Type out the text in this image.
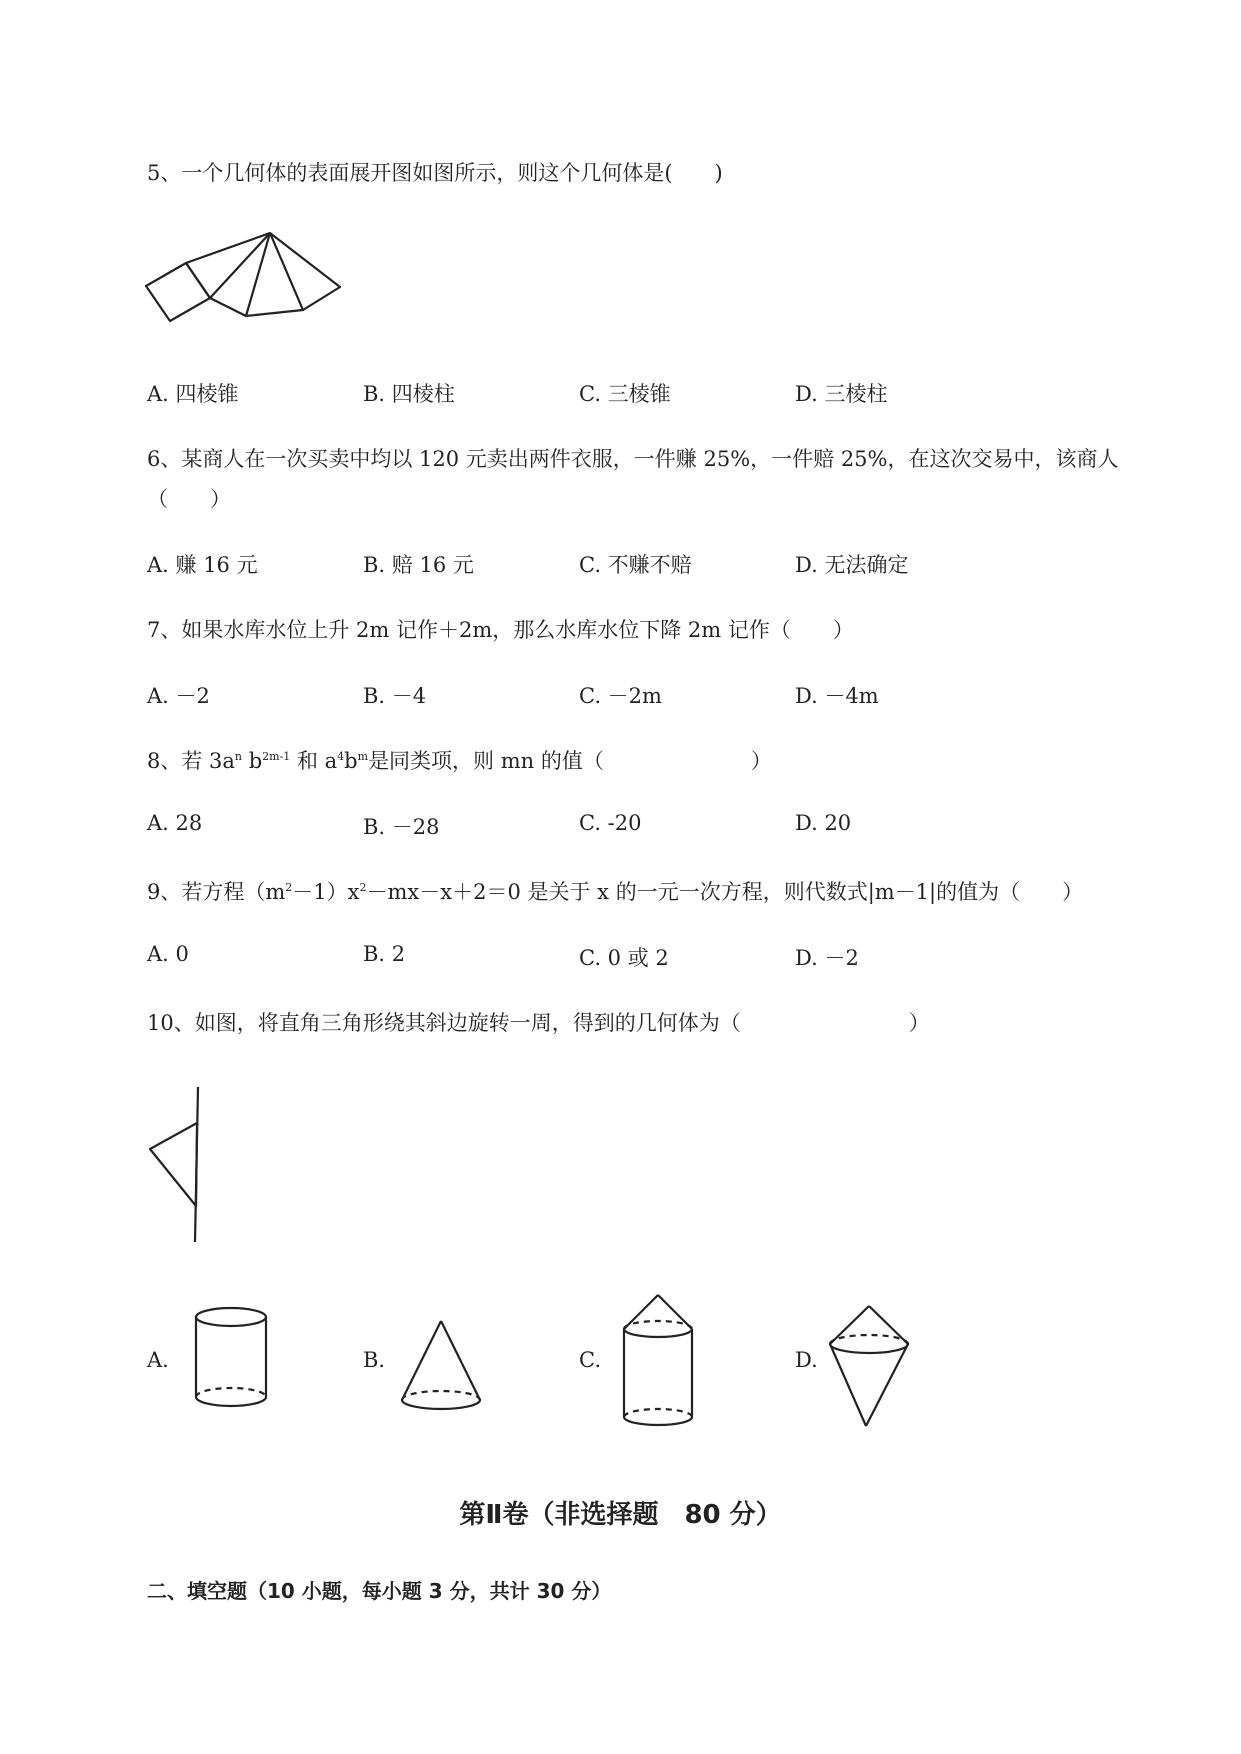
5、一个几何体的表面展开图如图所示，则这个几何体是(　　)
A. 四棱锥	B. 四棱柱	C. 三棱锥	D. 三棱柱
6、某商人在一次买卖中均以 120 元卖出两件衣服，一件赚 25%，一件赔 25%，在这次交易中，该商人
（　　）
A. 赚 16 元	B. 赔 16 元	C. 不赚不赔	D. 无法确定
7、如果水库水位上升 2m 记作＋2m，那么水库水位下降 2m 记作（　　）
A. －2	B. －4	C. －2m	D. －4m
8、若 $3a^n$ $b^{2m-1}$ 和 $a^4b^m$是同类项，则 mn 的值（　　　　　　　）
A. 28	B. －28	C. -20	D. 20
9、若方程$(m^2-1)x^2-mx-x+2=0$ 是关于 x 的一元一次方程，则代数式|m－1|的值为（　　）
A. 0	B. 2	C. 0 或 2	D. －2
10、如图，将直角三角形绕其斜边旋转一周，得到的几何体为（　　　　　　　　）
A.	B.	C.	D.
第Ⅱ卷（非选择题　80 分）
二、填空题（10 小题，每小题 3 分，共计 30 分）
